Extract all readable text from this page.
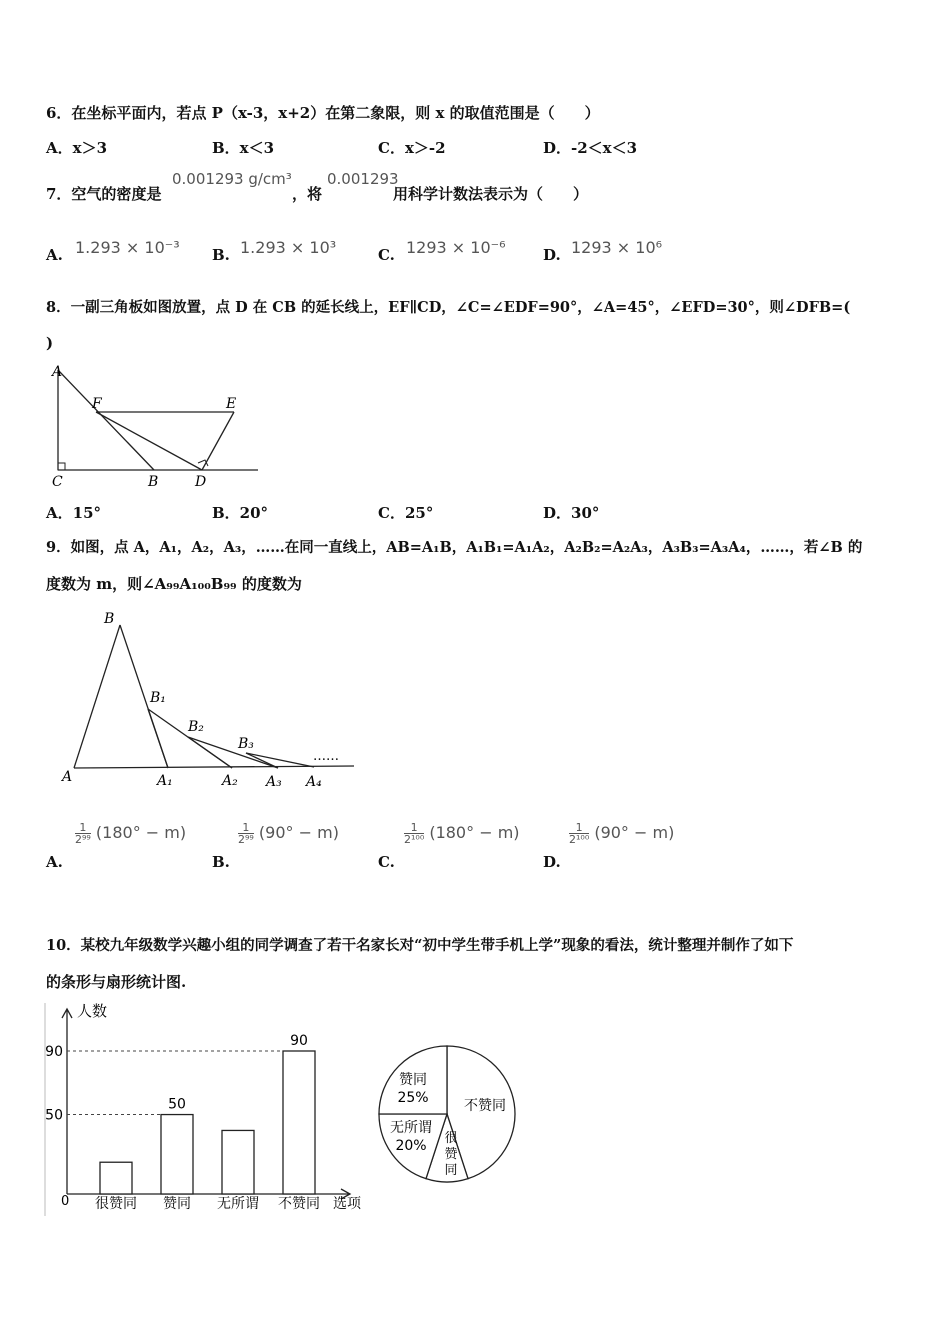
6．在坐标平面内，若点 P（x-3，x+2）在第二象限，则 x 的取值范围是（　　）
A．x＞3	B．x＜3	C．x＞-2	D．-2＜x＜3
7．空气的密度是
0.001293 g/cm³
，将
0.001293
用科学计数法表示为（　　）
A. 1.293 × 10⁻³ B. 1.293 × 10³	C. 1293 × 10⁻⁶ D. 1293 × 10⁶
8．一副三角板如图放置，点 D 在 CB 的延长线上，EF∥CD，∠C=∠EDF=90°，∠A=45°，∠EFD=30°，则∠DFB=(
)
A
F	E
C	B	D
A．15°	B．20°	C．25°	D．30°
9．如图，点 A，A₁，A₂，A₃，……在同一直线上，AB=A₁B，A₁B₁=A₁A₂，A₂B₂=A₂A₃，A₃B₃=A₃A₄，……，若∠B 的
度数为 m，则∠A₉₉A₁₀₀B₉₉ 的度数为
B
B₁
B₂
B₃
……
A	A₁	A₂ A₃ A₄
A.
$\frac{1}{\text{2⁹⁹}} (180^\circ - m)$
B.
$\frac{1}{\text{2⁹⁹}} (90^\circ - m)$
C.
$\frac{1}{\text{2¹⁰⁰}} (180^\circ - m)$
D.
$\frac{1}{\text{2¹⁰⁰}} (90^\circ - m)$
10．某校九年级数学兴趣小组的同学调查了若干名家长对“初中学生带手机上学”现象的看法，统计整理并制作了如下
的条形与扇形统计图.
人数
选项
0 很赞同 赞同
50
无所谓 不赞同
90
90
50
不赞同
很
赞
同
无所谓
20%
赞同
25%
